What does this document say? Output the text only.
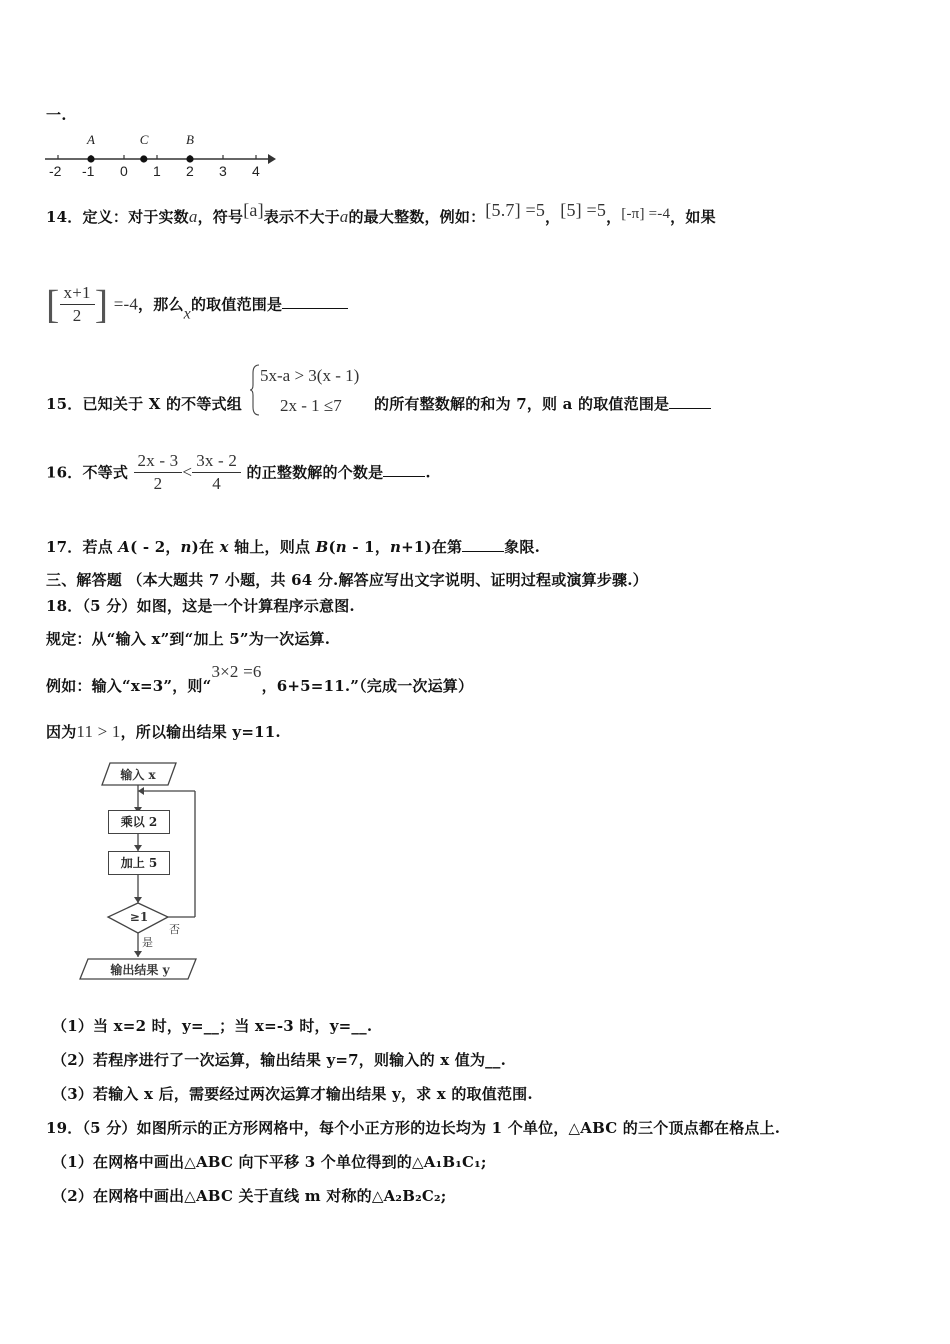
一.
-2 -1 0 1 2 3 4
A	C	B
14．定义：对于实数a，符号[a]表示不大于a的最大整数，例如：[5.7] =5，[5] =5，[-π] =-4，如果
[ $\frac{x+1}{2}$ ] =-4，那么x的取值范围是
15．已知关于 X 的不等式组
5x-a > 3(x - 1)
2x - 1 ≤7 的所有整数解的和为 7，则 a 的取值范围是
16．不等式 $\frac{2x - 3}{2} < \frac{3x - 2}{4}$ 的正整数解的个数是	.
17．若点 A( - 2，n)在 x 轴上，则点 B(n - 1，n+1)在第	象限.
三、解答题 （本大题共 7 小题，共 64 分.解答应写出文字说明、证明过程或演算步骤.）
18．（5 分）如图，这是一个计算程序示意图.
规定：从“输入 x”到“加上 5”为一次运算.
例如：输入“x=3”，则“3×2 =6，6+5=11.”（完成一次运算）
因为11 > 1，所以输出结果 y=11.
输入 x
乘以 2
加上 5
≥1
否
是
输出结果 y
（1）当 x=2 时，y=__；当 x=-3 时，y=__.
（2）若程序进行了一次运算，输出结果 y=7，则输入的 x 值为__.
（3）若输入 x 后，需要经过两次运算才输出结果 y，求 x 的取值范围.
19．（5 分）如图所示的正方形网格中，每个小正方形的边长均为 1 个单位，△ABC 的三个顶点都在格点上.
（1）在网格中画出△ABC 向下平移 3 个单位得到的△A₁B₁C₁;
（2）在网格中画出△ABC 关于直线 m 对称的△A₂B₂C₂;
